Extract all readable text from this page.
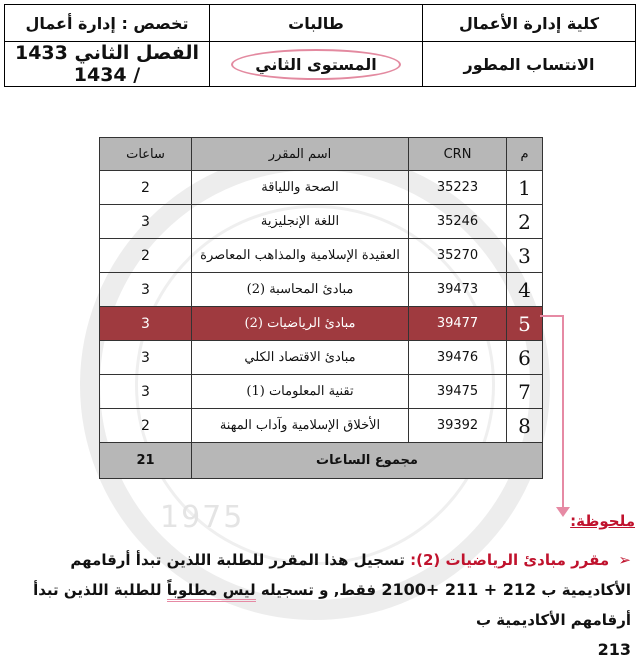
1975
كلية إدارة الأعمال	طالبات	تخصص : إدارة أعمال
الانتساب المطور	المستوى الثاني	الفصل الثاني 1433 / 1434
م	CRN	اسم المقرر	ساعات
1	35223	الصحة واللياقة	2
2	35246	اللغة الإنجليزية	3
3	35270	العقيدة الإسلامية والمذاهب المعاصرة	2
4	39473	مبادئ المحاسبة (2)	3
5	39477	مبادئ الرياضيات (2)	3
6	39476	مبادئ الاقتصاد الكلي	3
7	39475	تقنية المعلومات (1)	3
8	39392	الأخلاق الإسلامية وآداب المهنة	2
مجموع الساعات			21
ملحوظة:
➢ مقرر مبادئ الرياضيات (2): تسجيل هذا المقرر للطلبة اللذين تبدأ أرقامهم الأكاديمية ب 2100+ 211 + 212 فقط, و تسجيله ليس مطلوباً للطلبة اللذين تبدأ أرقامهم الأكاديمية ب
213
